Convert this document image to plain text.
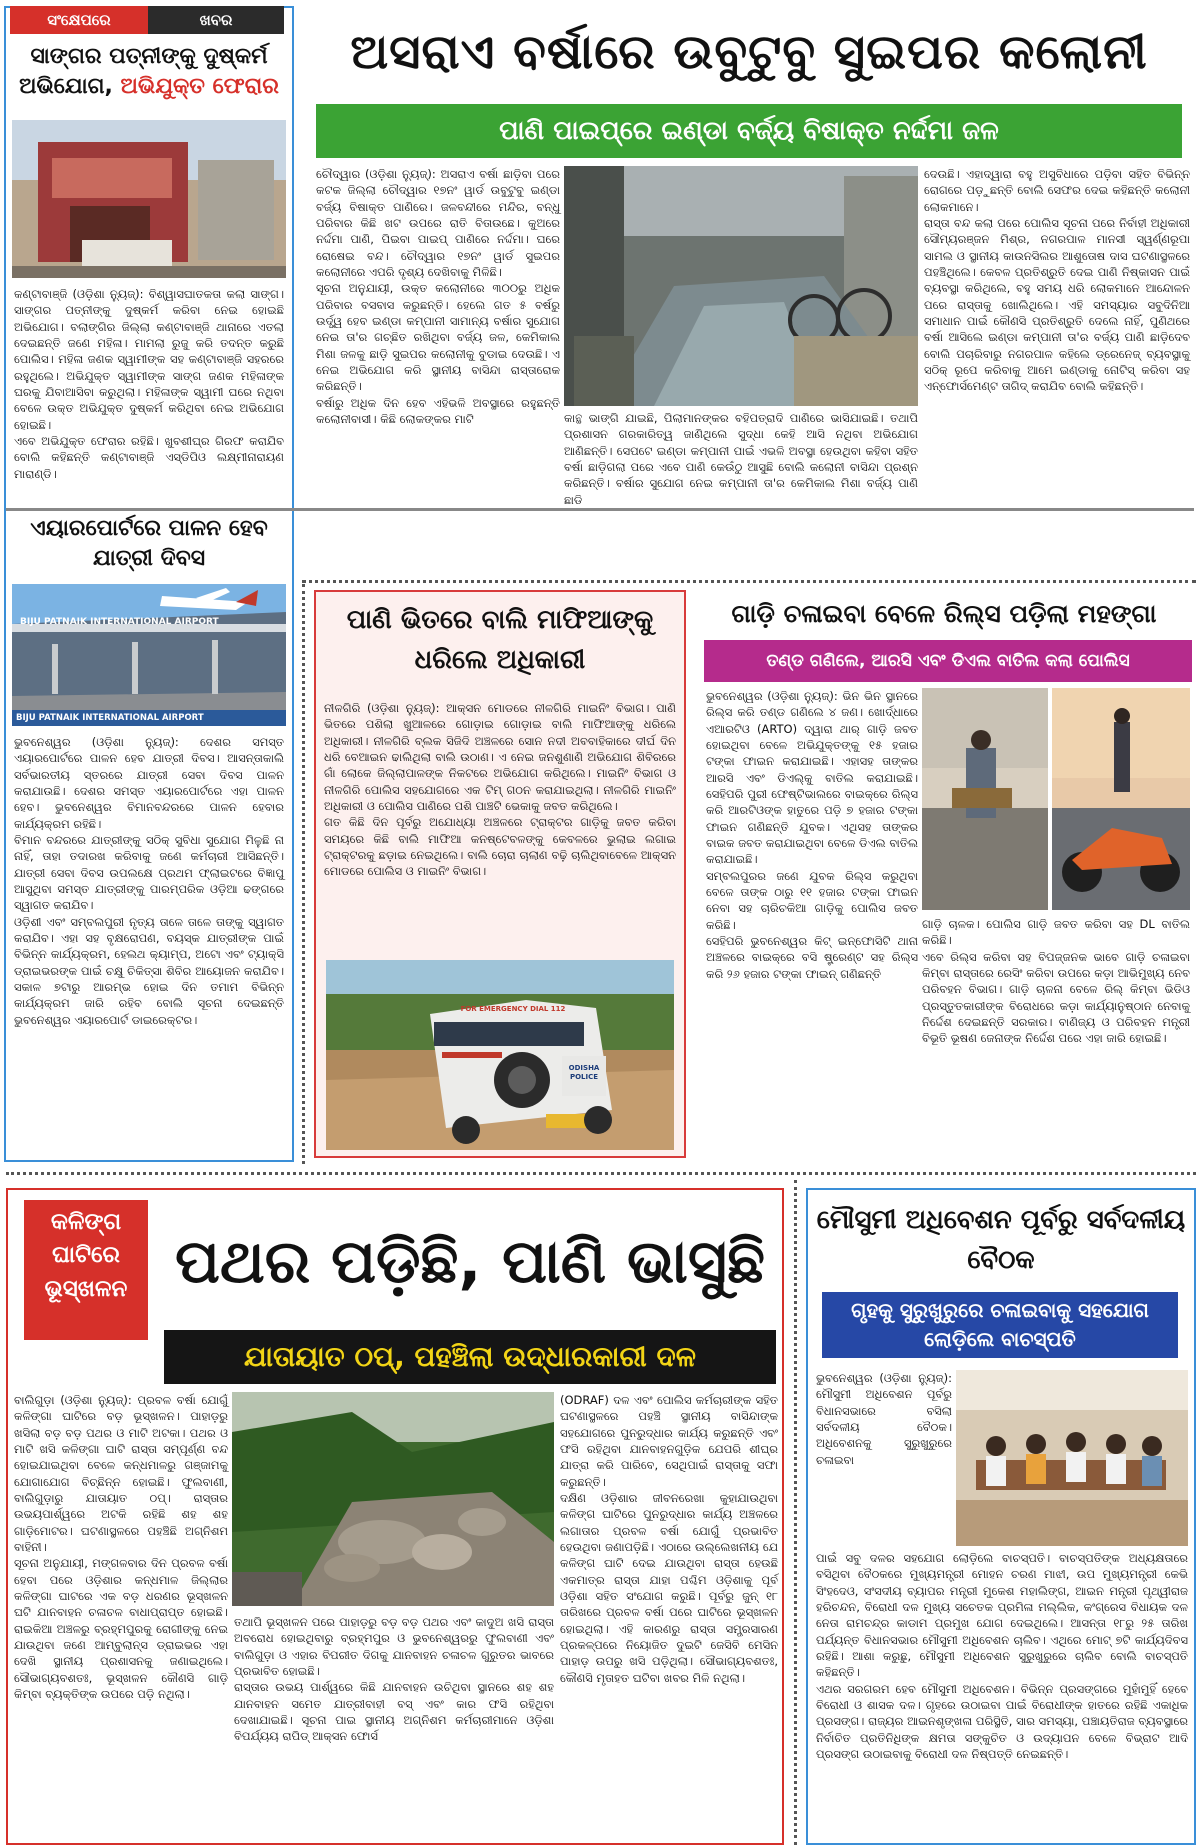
ସଂକ୍ଷେପରେ	ଖବର
ସାଙ୍ଗର ପତ୍ନୀଙ୍କୁ ଦୁଷ୍କର୍ମ ଅଭିଯୋଗ, ଅଭିଯୁକ୍ତ ଫେରାର
କଣ୍ଟାବାଞ୍ଜି (ଓଡ଼ିଶା ନ୍ୟୁଜ୍): ବିଶ୍ୱାସଘାତକତା କଲା ସାଙ୍ଗ। ସାଙ୍ଗର ପତ୍ନୀଙ୍କୁ ଦୁଷ୍କର୍ମ କରିବା ନେଇ ହୋଇଛି ଅଭିଯୋଗ। ବଲାଙ୍ଗିର ଜିଲ୍ଲା କଣ୍ଟାବାଞ୍ଜି ଥାନାରେ ଏତଲା ଦେଇଛନ୍ତି ଜଣେ ମହିଳା। ମାମଲା ରୁଜୁ କରି ତଦନ୍ତ କରୁଛି ପୋଲିସ। ମହିଳା ଜଣକ ସ୍ୱାମୀଙ୍କ ସହ କଣ୍ଟାବାଞ୍ଜି ସହରରେ ରହୁଥିଲେ। ଅଭିଯୁକ୍ତ ସ୍ୱାମୀଙ୍କ ସାଙ୍ଗ ଜଣକ ମହିଳାଙ୍କ ଘରକୁ ଯିବାଆସିବା କରୁଥିଲା। ମହିଳାଙ୍କ ସ୍ୱାମୀ ଘରେ ନଥିବା ବେଳେ ଉକ୍ତ ଅଭିଯୁକ୍ତ ଦୁଷ୍କର୍ମ କରିଥିବା ନେଇ ଅଭିଯୋଗ ହୋଇଛି।
ଏବେ ଅଭିଯୁକ୍ତ ଫେରାର ରହିଛି। ଖୁବଶୀଘ୍ର ଗିରଫ କରାଯିବ ବୋଲି କହିଛନ୍ତି କଣ୍ଟାବାଞ୍ଜି ଏସ୍‌ଡିପିଓ ଲକ୍ଷ୍ମୀନାରାୟଣ ମାରାଣ୍ଡି।
ଏୟାରପୋର୍ଟରେ ପାଳନ ହେବ ଯାତ୍ରୀ ଦିବସ
BIJU PATNAIK INTERNATIONAL AIRPORT
BIJU PATNAIK INTERNATIONAL AIRPORT
ଭୁବନେଶ୍ୱର (ଓଡ଼ିଶା ନ୍ୟୁଜ୍): ଦେଶର ସମସ୍ତ ଏୟାରପୋର୍ଟରେ ପାଳନ ହେବ ଯାତ୍ରୀ ଦିବସ। ଆସନ୍ତାକାଲି ସର୍ବଭାରତୀୟ ସ୍ତରରେ ଯାତ୍ରୀ ସେବା ଦିବସ ପାଳନ କରାଯାଉଛି। ଦେଶର ସମସ୍ତ ଏୟାରପୋର୍ଟରେ ଏହା ପାଳନ ହେବ। ଭୁବନେଶ୍ୱର ବିମାନବନ୍ଦରରେ ପାଳନ ହେବାର କାର୍ଯ୍ୟକ୍ରମ ରହିଛି।
ବିମାନ ବନ୍ଦରରେ ଯାତ୍ରୀଙ୍କୁ ସଠିକ୍ ସୁବିଧା ସୁଯୋଗ ମିଳୁଛି ନା ନାହିଁ, ତାହା ତଦାରଖ କରିବାକୁ ଜଣେ କର୍ମଚାରୀ ଆସିଛନ୍ତି। ଯାତ୍ରୀ ସେବା ଦିବସ ଉପଲକ୍ଷେ ପ୍ରଥମ ଫ୍ଲାଇଟରେ ବିଜ୍ଞାପୁ ଆସୁଥିବା ସମସ୍ତ ଯାତ୍ରୀଙ୍କୁ ପାରମ୍ପରିକ ଓଡ଼ିଆ ଢଙ୍ଗରେ ସ୍ୱାଗତ କରାଯିବ।
ଓଡ଼ିଶୀ ଏବଂ ସମ୍ବଲପୁରୀ ନୃତ୍ୟ ତାଳେ ତାଳେ ତାଙ୍କୁ ସ୍ୱାଗତ କରାଯିବ। ଏହା ସହ ବୃକ୍ଷରୋପଣ, ବୟସ୍କ ଯାତ୍ରୀଙ୍କ ପାଇଁ ବିଭିନ୍ନ କାର୍ଯ୍ୟକ୍ରମ, ହେଲଥ କ୍ୟାମ୍ପ, ଅଟୋ ଏବଂ ଟ୍ୟାକ୍ସି ଡ୍ରାଇଭରଙ୍କ ପାଇଁ ଚକ୍ଷୁ ଚିକିତ୍ସା ଶିବିର ଆୟୋଜନ କରାଯିବ। ସକାଳ ୭ଟାରୁ ଆରମ୍ଭ ହୋଇ ଦିନ ତମାମ ବିଭିନ୍ନ କାର୍ଯ୍ୟକ୍ରମ ଜାରି ରହିବ ବୋଲି ସୂଚନା ଦେଇଛନ୍ତି ଭୁବନେଶ୍ୱର ଏୟାରପୋର୍ଟ ଡାଇରେକ୍ଟର।
ଅସରାଏ ବର୍ଷାରେ ଉବୁଟୁବୁ ସୁଇପର କଲୋନୀ
ପାଣି ପାଇପ୍‌ରେ ଇଣ୍ଡା ବର୍ଜ୍ୟ ବିଷାକ୍ତ ନର୍ଦ୍ଦମା ଜଳ
ଚୌଦ୍ୱାର (ଓଡ଼ିଶା ନ୍ୟୁଜ୍): ଅସରାଏ ବର୍ଷା ଛାଡ଼ିବା ପରେ କଟକ ଜିଲ୍ଲା ଚୌଦ୍ୱାର ୧୭ନଂ ୱାର୍ଡ ଉବୁଟୁବୁ ଇଣ୍ଡା ବର୍ଜ୍ୟ ବିଷାକ୍ତ ପାଣିରେ। ଜଳବନ୍ଦୀରେ ମନ୍ଦିର, ବନ୍ଧୁ ପରିବାର କିଛି ଖଟ ଉପରେ ରାତି ବିତାଉଛେ। କୁଅରେ ନର୍ଦ୍ଦମା ପାଣି, ପିଇବା ପାଇପ୍ ପାଣିରେ ନର୍ଦ୍ଦମା। ଘରେ ରୋଷେଇ ବନ୍ଦ। ଚୌଦ୍ୱାର ୧୭ନଂ ୱାର୍ଡ ସୁଇପର କଲୋନୀରେ ଏପରି ଦୃଶ୍ୟ ଦେଖିବାକୁ ମିଳିଛି।
ସୂଚନା ଅନୁଯାୟୀ, ଉକ୍ତ କଲୋନୀରେ ୩୦୦ରୁ ଅଧିକ ପରିବାର ବସବାସ କରୁଛନ୍ତି। ହେଲେ ଗତ ୫ ବର୍ଷରୁ ଉର୍ଦ୍ଧ୍ୱ ହେବ ଇଣ୍ଡା କମ୍ପାନୀ ସାମାନ୍ୟ ବର୍ଷାର ସୁଯୋଗ ନେଇ ତା'ର ଗଚ୍ଛିତ ରଖିଥିବା ବର୍ଜ୍ୟ ଜଳ, କେମିକାଲ ମିଶା ଜଳକୁ ଛାଡ଼ି ସୁଇପର କଲୋନୀକୁ ବୁଡାଇ ଦେଉଛି। ଏ ନେଇ ଅଭିଯୋଗ କରି ସ୍ଥାନୀୟ ବାସିନ୍ଦା ରାସ୍ତାରୋକ କରିଛନ୍ତି।
ବର୍ଷାରୁ ଅଧିକ ଦିନ ହେବ ଏହିଭଳି ଅବସ୍ଥାରେ ରହୁଛନ୍ତି କଲୋନୀବାସୀ। କିଛି ଲୋକଙ୍କର ମାଟି	କାନ୍ଥ ଭାଙ୍ଗି ଯାଇଛି, ପିଲାମାନଙ୍କର ବହିପତ୍ରାଦି ପାଣିରେ ଭାସିଯାଇଛି। ତଥାପି ପ୍ରଶାସନ ଗରକାରିତ୍ୱ ଜାଣିଥିଲେ ସୁଦ୍ଧା କେହି ଆସି ନଥିବା ଅଭିଯୋଗ ଆଣିଛନ୍ତି। ସେପଟେ ଇଣ୍ଡା କମ୍ପାନୀ ପାଇଁ ଏଭଳି ଅବସ୍ଥା ହେଉଥିବା କହିବା ସହିତ ବର୍ଷା ଛାଡ଼ିଗଲା ପରେ ଏବେ ପାଣି କେଉଁଠୁ ଆସୁଛି ବୋଲି କଲୋନୀ ବାସିନ୍ଦା ପ୍ରଶ୍ନ କରିଛନ୍ତି। ବର୍ଷାର ସୁଯୋଗ ନେଇ କମ୍ପାନୀ ତା'ର କେମିକାଲ ମିଶା ବର୍ଜ୍ୟ ପାଣି ଛାଡି
ଦେଉଛି। ଏହାଦ୍ୱାରା ବହୁ ଅସୁବିଧାରେ ପଡ଼ିବା ସହିତ ବିଭିନ୍ନ ରୋଗରେ ପଡ଼ୁଛନ୍ତି ବୋଲି ସେଫର ଦେଇ କହିଛନ୍ତି କଲୋନୀ ଲୋକମାନେ।
ରାସ୍ତା ବନ୍ଦ କଲା ପରେ ପୋଲିସ ସୂଚନା ପରେ ନିର୍ବାହୀ ଅଧିକାରୀ ସୌମ୍ୟରଞ୍ଜନ ମିଶ୍ର, ନଗରପାଳ ମାନସୀ ସ୍ୱର୍ଣ୍ଣରୂପା ସାମଲ ଓ ସ୍ଥାନୀୟ କାଉନସିଲର ଆଶୁତୋଷ ଦାସ ଘଟଣାସ୍ଥଳରେ ପହଞ୍ଚିଥିଲେ। କେବଳ ପ୍ରତିଶ୍ରୁତି ଦେଇ ପାଣି ନିଷ୍କାସନ ପାଇଁ ବ୍ୟବସ୍ଥା କରିଥିଲେ, ବହୁ ସମୟ ଧରି ଲୋକମାନେ ଆନ୍ଦୋଳନ ପରେ ରାସ୍ତାକୁ ଖୋଲିଥିଲେ। ଏହି ସମସ୍ୟାର ସବୁଦିନିଆ ସମାଧାନ ପାଇଁ କୌଣସି ପ୍ରତିଶ୍ରୁତି ଦେଲେ ନାହିଁ, ପୁଣିଥରେ ବର୍ଷା ଆସିଲେ ଇଣ୍ଡା କମ୍ପାନୀ ତା'ର ବର୍ଜ୍ୟ ପାଣି ଛାଡ଼ିଦେବ ବୋଲି ପଚାରିବାରୁ ନଗରପାଳ କହିଲେ ଡ୍ରେନେଜ୍ ବ୍ୟବସ୍ଥାକୁ ସଠିକ୍ ରୂପେ କରିବାକୁ ଆମେ ଇଣ୍ଡାକୁ ନୋଟିସ୍ କରିବା ସହ ଏନ୍‌ଫୋର୍ସମେଣ୍ଟ ତାଗିଦ୍ କରାଯିବ ବୋଲି କହିଛନ୍ତି।
ପାଣି ଭିତରେ ବାଲି ମାଫିଆଙ୍କୁ ଧରିଲେ ଅଧିକାରୀ
ନୀଳଗିରି (ଓଡ଼ିଶା ନ୍ୟୁଜ୍): ଆକ୍ସନ ମୋଡରେ ନୀଳଗିରି ମାଇନିଂ ବିଭାଗ। ପାଣି ଭିତରେ ପଶିଲା ଖୁଆଳରେ ଗୋଡ଼ାଇ ଗୋଡ଼ାଇ ବାଲି ମାଫିଆଙ୍କୁ ଧରିଲେ ଅଧିକାରୀ। ନୀଳଗିରି ବ୍ଲକ ସିଜିଦି ଅଞ୍ଚଳରେ ସୋନ ନଦୀ ଅବବାହିକାରେ ଦୀର୍ଘ ଦିନ ଧରି ବେଆଇନ ଢାଲିଥିଲା ବାଲି ଉଠାଣ। ଏ ନେଇ ଜନଶୁଣାଣି ଅଭିଯୋଗ ଶିବିରରେ ଗାଁ ଲୋକେ ଜିଲ୍ଲାପାଳଙ୍କ ନିକଟରେ ଅଭିଯୋଗ କରିଥିଲେ। ମାଇନିଂ ବିଭାଗ ଓ ନୀଳଗିରି ପୋଲିସ ସହଯୋଗରେ ଏକ ଟିମ୍ ଗଠନ କରାଯାଇଥିଲା। ନୀଳଗିରି ମାଇନିଂ ଅଧିକାରୀ ଓ ପୋଲିସ ପାଣିରେ ପଶି ପାଞ୍ଚଟି ଭେକାକୁ ଜବତ କରିଥିଲେ।
ଗତ କିଛି ଦିନ ପୂର୍ବରୁ ଅଯୋଧ୍ୟା ଅଞ୍ଚଳରେ ଟ୍ରାକ୍ଟର ଗାଡ଼ିକୁ ଜବତ କରିବା ସମୟରେ କିଛି ବାଲି ମାଫିଆ କନଷ୍ଟେବଳଙ୍କୁ କେବଳରେ ଭୁଲାଇ ଲଗାଇ ଟ୍ରାକ୍ଟରକୁ ଛଡ଼ାଇ ନେଇଥିଲେ। ବାଲି ଚୋରା ଚାଲାଣ ବଢ଼ି ଚାଲିଥିବାବେଳେ ଆକ୍ସନ ମୋଡରେ ପୋଲିସ ଓ ମାଇନିଂ ବିଭାଗ।
FOR EMERGENCY DIAL 112
ODISHA POLICE
ଗାଡ଼ି ଚଳାଇବା ବେଳେ ରିଲ୍ସ ପଡ଼ିଲା ମହଙ୍ଗା
ତଣ୍ଡ ଗଣିଲେ, ଆରସି ଏବଂ ଡିଏଲ ବାତିଲ କଲା ପୋଲିସ
ଭୁବନେଶ୍ୱର (ଓଡ଼ିଶା ନ୍ୟୁଜ୍): ଭିନ ଭିନ ସ୍ଥାନରେ ରିଲ୍ସ କରି ତଣ୍ଡ ଗଣିଲେ ୪ ଜଣ। ଖୋର୍ଦ୍ଧାରେ ଏଆରଟିଓ (ARTO) ଦ୍ୱାରା ଥାର୍ ଗାଡ଼ି ଜବତ ହୋଇଥିବା ବେଳେ ଅଭିଯୁକ୍ତଙ୍କୁ ୧୫ ହଜାର ଟଙ୍କା ଫାଇନ କରାଯାଇଛି। ଏହାସହ ତାଙ୍କର ଆରସି ଏବଂ ଡିଏଲ୍‌କୁ ବାତିଲ କରାଯାଇଛି। ସେହିପରି ପୁରୀ ଫେଷ୍ଟିଭାଲରେ ବାଇକ୍‌ରେ ରିଲ୍ସ କରି ଆରଟିଓଙ୍କ ହାତୁରେ ପଡ଼ି ୭ ହଜାର ଟଙ୍କା ଫାଇନ ଗଣିଛନ୍ତି ଯୁବକ। ଏଥିସହ ତାଙ୍କର ବାଇକ ଜବତ କରାଯାଇଥିବା ବେଳେ ଡିଏଲ ବାତିଲ କରାଯାଇଛି।
ସମ୍ବଲପୁରର ଜଣେ ଯୁବକ ରିଲ୍ସ କରୁଥିବା ବେଳେ ତାଙ୍କ ଠାରୁ ୧୧ ହଜାର ଟଙ୍କା ଫାଇନ ନେବା ସହ ଚାରିଚକିଆ ଗାଡ଼ିକୁ ପୋଲିସ ଜବତ କରିଛି।
ସେହିପରି ଭୁବନେଶ୍ୱର କିଟ୍ ଇନ୍‌ଫୋସିଟି ଥାନା ଅଞ୍ଚଳରେ ବାଇକ୍‌ରେ ବସି ଷ୍ଟ୍ରେଣ୍ଟ ସହ ରିଲ୍ସ କରି ୨୬ ହଜାର ଟଙ୍କା ଫାଇନ୍ ଗଣିଛନ୍ତି
ଗାଡ଼ି ଚାଳକ। ପୋଲିସ ଗାଡ଼ି ଜବତ କରିବା ସହ DL ବାତିଲ କରିଛି।
ଏବେ ରିଲ୍ସ କରିବା ସହ ବିପଜ୍ଜନକ ଭାବେ ଗାଡ଼ି ଚଳାଇବା କିମ୍ବା ରାସ୍ତାରେ ରେସିଂ କରିବା ଉପରେ କଡ଼ା ଆଭିମୁଖ୍ୟ ନେବ ପରିବହନ ବିଭାଗ। ଗାଡ଼ି ଚାଳନା ବେଳେ ରିଲ୍ କିମ୍ବା ଭିଡିଓ ପ୍ରସ୍ତୁତକାରୀଙ୍କ ବିରୋଧରେ କଡ଼ା କାର୍ଯ୍ୟାନୁଷ୍ଠାନ ନେବାକୁ ନିର୍ଦ୍ଦେଶ ଦେଇଛନ୍ତି ସରକାର। ବାଣିଜ୍ୟ ଓ ପରିବହନ ମନ୍ତ୍ରୀ ବିଭୂତି ଭୂଷଣ ଜେନାଙ୍କ ନିର୍ଦ୍ଦେଶ ପରେ ଏହା ଜାରି ହୋଇଛି।
କଳିଙ୍ଗ ଘାଟିରେ ଭୂସ୍ଖଳନ ପଥର ପଡ଼ିଛି, ପାଣି ଭାସୁଛି
ଯାତାୟାତ ଠପ୍, ପହଞ୍ଚିଲା ଉଦ୍ଧାରକାରୀ ଦଳ
ବାଲିଗୁଡ଼ା (ଓଡ଼ିଶା ନ୍ୟୁଜ୍): ପ୍ରବଳ ବର୍ଷା ଯୋଗୁଁ କଳିଙ୍ଗା ଘାଟିରେ ବଡ଼ ଭୂସ୍ଖଳନ। ପାହାଡ଼ରୁ ଖସିଲା ବଡ଼ ବଡ଼ ପଥର ଓ ମାଟି ଅଟକା। ପଥର ଓ ମାଟି ଖସି କଳିଙ୍ଗା ଘାଟି ରାସ୍ତା ସମ୍ପୂର୍ଣ୍ଣ ବନ୍ଦ ହୋଇଯାଇଥିବା ବେଳେ କନ୍ଧମାଳରୁ ଗଞ୍ଜାମକୁ ଯୋଗାଯୋଗ ବିଚ୍ଛିନ୍ନ ହୋଇଛି। ଫୁଲବାଣୀ, ବାଲିଗୁଡ଼ାରୁ ଯାତାୟାତ ଠପ୍। ରାସ୍ତାର ଉଭୟପାର୍ଶ୍ୱରେ ଅଟକି ରହିଛି ଶହ ଶହ ଗାଡ଼ିମୋଟର। ଘଟଣାସ୍ଥଳରେ ପହଞ୍ଚିଛି ଅଗ୍ନିଶମ ବାହିନୀ।
ସୂଚନା ଅନୁଯାୟୀ, ମଙ୍ଗଳବାର ଦିନ ପ୍ରବଳ ବର୍ଷା ହେବା ପରେ ଓଡ଼ିଶାର କନ୍ଧମାଳ ଜିଲ୍ଲାର କଳିଙ୍ଗା ଘାଟରେ ଏକ ବଡ଼ ଧରଣର ଭୂସ୍ଖଳନ ଘଟି ଯାନବାହନ ଚଳାଚଳ ବାଧାପ୍ରାପ୍ତ ହୋଇଛି। ରାଇକିଆ ଅଞ୍ଚଳରୁ ବ୍ରହ୍ମପୁରକୁ ରୋଗୀଙ୍କୁ ନେଇ ଯାଉଥିବା ଜଣେ ଆମ୍ବୁଲାନ୍ସ ଡ୍ରାଇଭର ଏହା ଦେଖି ସ୍ଥାନୀୟ ପ୍ରଶାସନକୁ ଜଣାଇଥିଲେ। ସୌଭାଗ୍ୟବଶତଃ, ଭୂସ୍ଖଳନ କୌଣସି ଗାଡ଼ି କିମ୍ବା ବ୍ୟକ୍ତିଙ୍କ ଉପରେ ପଡ଼ି ନଥିଲା।
ତଥାପି ଭୂସ୍ଖଳନ ପରେ ପାହାଡ଼ରୁ ବଡ଼ ବଡ଼ ପଥର ଏବଂ କାଦୁଅ ଖସି ରାସ୍ତା ଅବରୋଧ ହୋଇଥିବାରୁ ବ୍ରହ୍ମପୁର ଓ ଭୁବନେଶ୍ୱରରୁ ଫୁଲବାଣୀ ଏବଂ ବାଲିଗୁଡ଼ା ଓ ଏହାର ବିପରୀତ ଦିଗକୁ ଯାନବାହନ ଚଳାଚଳ ଗୁରୁତର ଭାବରେ ପ୍ରଭାବିତ ହୋଇଛି।
ରାସ୍ତାର ଉଭୟ ପାର୍ଶ୍ୱରେ କିଛି ଯାନବାହନ ଉଚିଥିବା ସ୍ଥାନରେ ଶହ ଶହ ଯାନବାହନ ସମେତ ଯାତ୍ରୀବାହୀ ବସ୍ ଏବଂ କାର ଫସି ରହିଥିବା ଦେଖାଯାଇଛି। ସୂଚନା ପାଇ ସ୍ଥାନୀୟ ଅଗ୍ନିଶମ କର୍ମଚାରୀମାନେ ଓଡ଼ିଶା ବିପର୍ଯ୍ୟୟ ରାପିଡ୍ ଆକ୍ସନ ଫୋର୍ସ
(ODRAF) ଦଳ ଏବଂ ପୋଲିସ କର୍ମଚାରୀଙ୍କ ସହିତ ଘଟଣାସ୍ଥଳରେ ପହଞ୍ଚି ସ୍ଥାନୀୟ ବାସିନ୍ଦାଙ୍କ ସହଯୋଗରେ ପୁନରୁଦ୍ଧାର କାର୍ଯ୍ୟ କରୁଛନ୍ତି ଏବଂ ଫସି ରହିଥିବା ଯାନବାହନଗୁଡ଼ିକ ଯେପରି ଶୀଘ୍ର ଯାତ୍ରା କରି ପାରିବେ, ସେଥିପାଇଁ ରାସ୍ତାକୁ ସଫା କରୁଛନ୍ତି।
ଦକ୍ଷିଣ ଓଡ଼ିଶାର ଜୀବନରେଖା କୁହାଯାଉଥିବା କଳିଙ୍ଗ ଘାଟିରେ ପୁନରୁଦ୍ଧାର କାର୍ଯ୍ୟ ଅଞ୍ଚଳରେ ଲଗାତାର ପ୍ରବଳ ବର୍ଷା ଯୋଗୁଁ ପ୍ରଭାବିତ ହେଉଥିବା ଜଣାପଡ଼ିଛି। ଏଠାରେ ଉଲ୍ଲେଖନୀୟ ଯେ କଳିଙ୍ଗ ଘାଟି ଦେଇ ଯାଉଥିବା ରାସ୍ତା ହେଉଛି ଏକମାତ୍ର ରାସ୍ତା ଯାହା ପଶ୍ଚିମ ଓଡ଼ିଶାକୁ ପୂର୍ବ ଓଡ଼ିଶା ସହିତ ସଂଯୋଗ କରୁଛି। ପୂର୍ବରୁ ଜୁନ୍ ୧୮ ତାରିଖରେ ପ୍ରବଳ ବର୍ଷା ପରେ ଘାଟିରେ ଭୂସ୍ଖଳନ ହୋଇଥିଲା। ଏହି କାରଣରୁ ରାସ୍ତା ସମ୍ପ୍ରସାରଣ ପ୍ରକଳ୍ପରେ ନିୟୋଜିତ ଦୁଇଟି ଜେସିବି ମେସିନ ପାହାଡ଼ ଉପରୁ ଖସି ପଡ଼ିଥିଲା। ସୌଭାଗ୍ୟବଶତଃ, କୌଣସି ମୃତାହତ ଘଟିବା ଖବର ମିଳି ନଥିଲା।
ମୌସୁମୀ ଅଧିବେଶନ ପୂର୍ବରୁ ସର୍ବଦଳୀୟ ବୈଠକ
ଗୃହକୁ ସୁରୁଖୁରୁରେ ଚଳାଇବାକୁ ସହଯୋଗ ଲୋଡ଼ିଲେ ବାଚସ୍ପତି
ଭୁବନେଶ୍ୱର (ଓଡ଼ିଶା ନ୍ୟୁଜ୍): ମୌସୁମୀ ଅଧିବେଶନ ପୂର୍ବରୁ ବିଧାନସଭାରେ ବସିଲା ସର୍ବଦଳୀୟ ବୈଠକ। ଅଧିବେଶନକୁ ସୁରୁଖୁରୁରେ ଚଳାଇବା
ପାଇଁ ସବୁ ଦଳର ସହଯୋଗ ଲୋଡ଼ିଲେ ବାଚସ୍ପତି। ବାଚସ୍ପତିଙ୍କ ଅଧ୍ୟକ୍ଷତାରେ ବସିଥିବା ବୈଠକରେ ମୁଖ୍ୟମନ୍ତ୍ରୀ ମୋହନ ଚରଣ ମାଝୀ, ଉପ ମୁଖ୍ୟମନ୍ତ୍ରୀ କେଭି ସିଂହଦେଓ, ସଂସଦୀୟ ବ୍ୟାପର ମନ୍ତ୍ରୀ ମୁକେଶ ମହାଲିଙ୍ଗ, ଆଇନ ମନ୍ତ୍ରୀ ପୃଥ୍ୱୀରାଜ ହରିଚନ୍ଦନ, ବିରୋଧୀ ଦଳ ମୁଖ୍ୟ ସଚେତକ ପ୍ରମିଳା ମଲ୍ଲିକ, କଂଗ୍ରେସ ବିଧାୟକ ଦଳ ନେତା ରାମଚନ୍ଦ୍ର କାଡାମ ପ୍ରମୁଖ ଯୋଗ ଦେଇଥିଲେ। ଆସନ୍ତା ୧୮ରୁ ୨୫ ତାରିଖ ପର୍ଯ୍ୟନ୍ତ ବିଧାନସଭାର ମୌସୁମୀ ଅଧିବେଶନ ଚାଲିବ। ଏଥିରେ ମୋଟ୍ ୭ଟି କାର୍ଯ୍ୟଦିବସ ରହିଛି। ଆଶା କରୁଛୁ, ମୌସୁମୀ ଅଧିବେଶନ ସୁରୁଖୁରୁରେ ଚାଲିବ ବୋଲି ବାଚସ୍ପତି କହିଛନ୍ତି।
ଏଥର ସରଗରମ ହେବ ମୌସୁମୀ ଅଧିବେଶନ। ବିଭିନ୍ନ ପ୍ରସଙ୍ଗରେ ମୁହାଁମୁହିଁ ହେବେ ବିରୋଧୀ ଓ ଶାସକ ଦଳ। ଗୃହରେ ଉଠାଇବା ପାଇଁ ବିରୋଧୀଙ୍କ ହାତରେ ରହିଛି ଏକାଧିକ ପ୍ରସଙ୍ଗ। ରାଜ୍ୟର ଆଇନଶୃଙ୍ଖଳା ପରିସ୍ଥିତି, ସାର ସମସ୍ୟା, ପଞ୍ଚାୟତିରାଜ ବ୍ୟବସ୍ଥାରେ ନିର୍ବାଚିତ ପ୍ରତିନିଧିଙ୍କ କ୍ଷମତା ସଙ୍କୁଚିତ ଓ ଉଦ୍ୟାପନ ବେଳେ ବିଭ୍ରାଟ ଆଦି ପ୍ରସଙ୍ଗ ଉଠାଇବାକୁ ବିରୋଧୀ ଦଳ ନିଷ୍ପତ୍ତି ନେଇଛନ୍ତି।
